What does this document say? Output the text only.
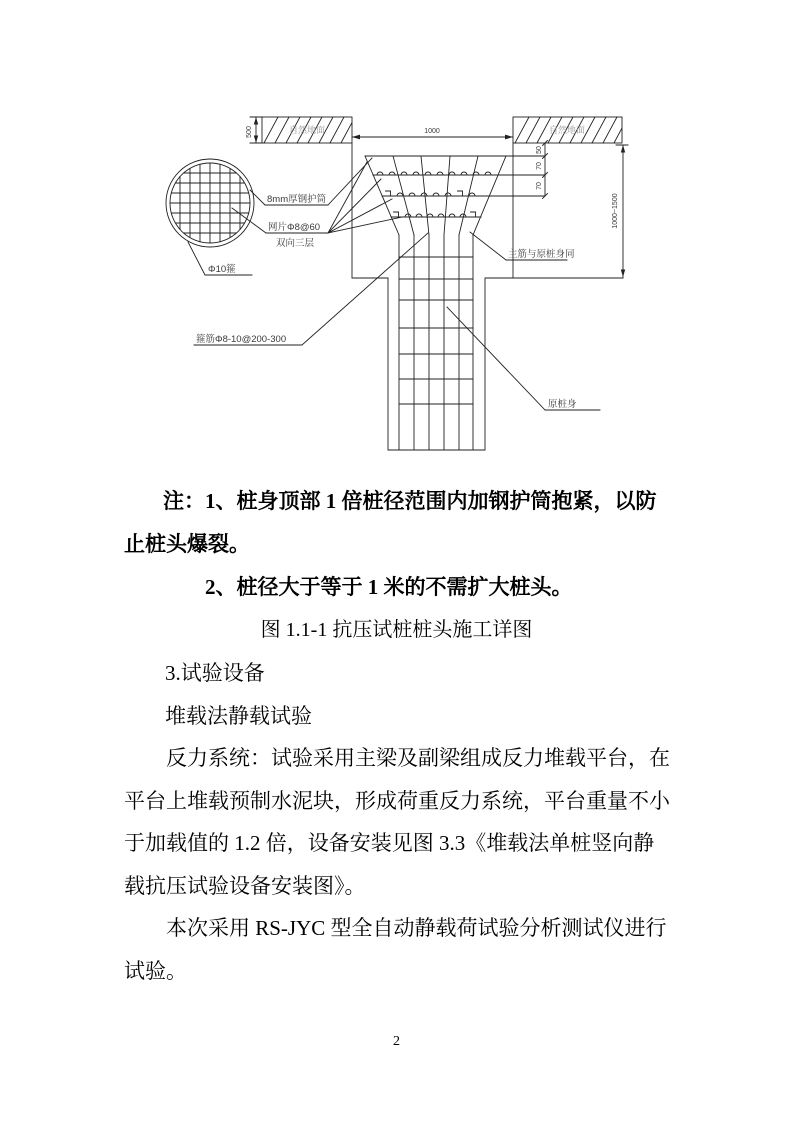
自然地面	自然地面
500	1000
1000~1500
50
70
70
8mm厚钢护筒
网片Φ8@60
双向三层
Φ10箍
箍筋Φ8-10@200-300
主筋与原桩身同
原桩身
注：1、桩身顶部 1 倍桩径范围内加钢护筒抱紧，以防
止桩头爆裂。
2、桩径大于等于 1 米的不需扩大桩头。
图 1.1-1 抗压试桩桩头施工详图
3.试验设备
堆载法静载试验
反力系统：试验采用主梁及副梁组成反力堆载平台，在
平台上堆载预制水泥块，形成荷重反力系统，平台重量不小
于加载值的 1.2 倍，设备安装见图 3.3《堆载法单桩竖向静
载抗压试验设备安装图》。
本次采用 RS-JYC 型全自动静载荷试验分析测试仪进行
试验。
2
